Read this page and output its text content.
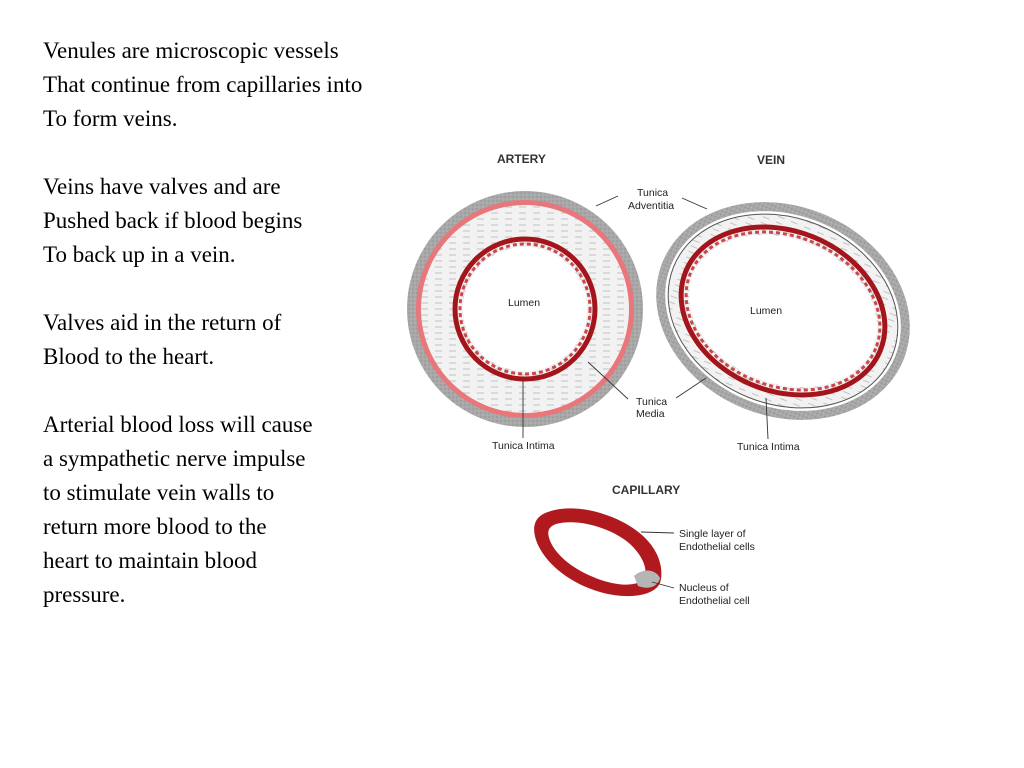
Venules are microscopic vessels
That continue from capillaries into
To form veins.

Veins have valves and are
Pushed back if blood begins
To back up in a vein.

Valves aid in the return of
Blood to the heart.

Arterial blood loss will cause
a sympathetic nerve impulse
to stimulate vein walls to
return more blood to the
heart to maintain blood
pressure.

ARTERY	VEIN
CAPILLARY
Lumen
Lumen
Tunica
Adventitia
Tunica
Media
Tunica Intima	Tunica Intima
Single layer of
Endothelial cells
Nucleus of
Endothelial cell
